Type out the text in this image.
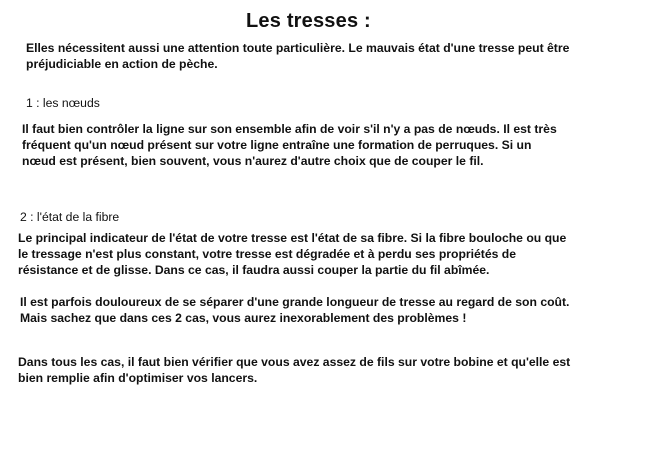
Les tresses :
Elles nécessitent aussi une attention toute particulière. Le mauvais état d'une tresse peut être
préjudiciable en action de pèche.
1 : les nœuds
Il faut bien contrôler la ligne sur son ensemble afin de voir s'il n'y a pas de nœuds. Il est très
fréquent qu'un nœud présent sur votre ligne entraîne une formation de perruques. Si un
nœud est présent, bien souvent, vous n'aurez d'autre choix que de couper le fil.
2 : l'état de la fibre
Le principal indicateur de l'état de votre tresse est l'état de sa fibre. Si la fibre bouloche ou que
le tressage n'est plus constant, votre tresse est dégradée et à perdu ses propriétés de
résistance et de glisse. Dans ce cas, il faudra aussi couper la partie du fil abîmée.
Il est parfois douloureux de se séparer d'une grande longueur de tresse au regard de son coût.
Mais sachez que dans ces 2 cas, vous aurez inexorablement des problèmes !
Dans tous les cas, il faut bien vérifier que vous avez assez de fils sur votre bobine et qu'elle est
bien remplie afin d'optimiser vos lancers.
